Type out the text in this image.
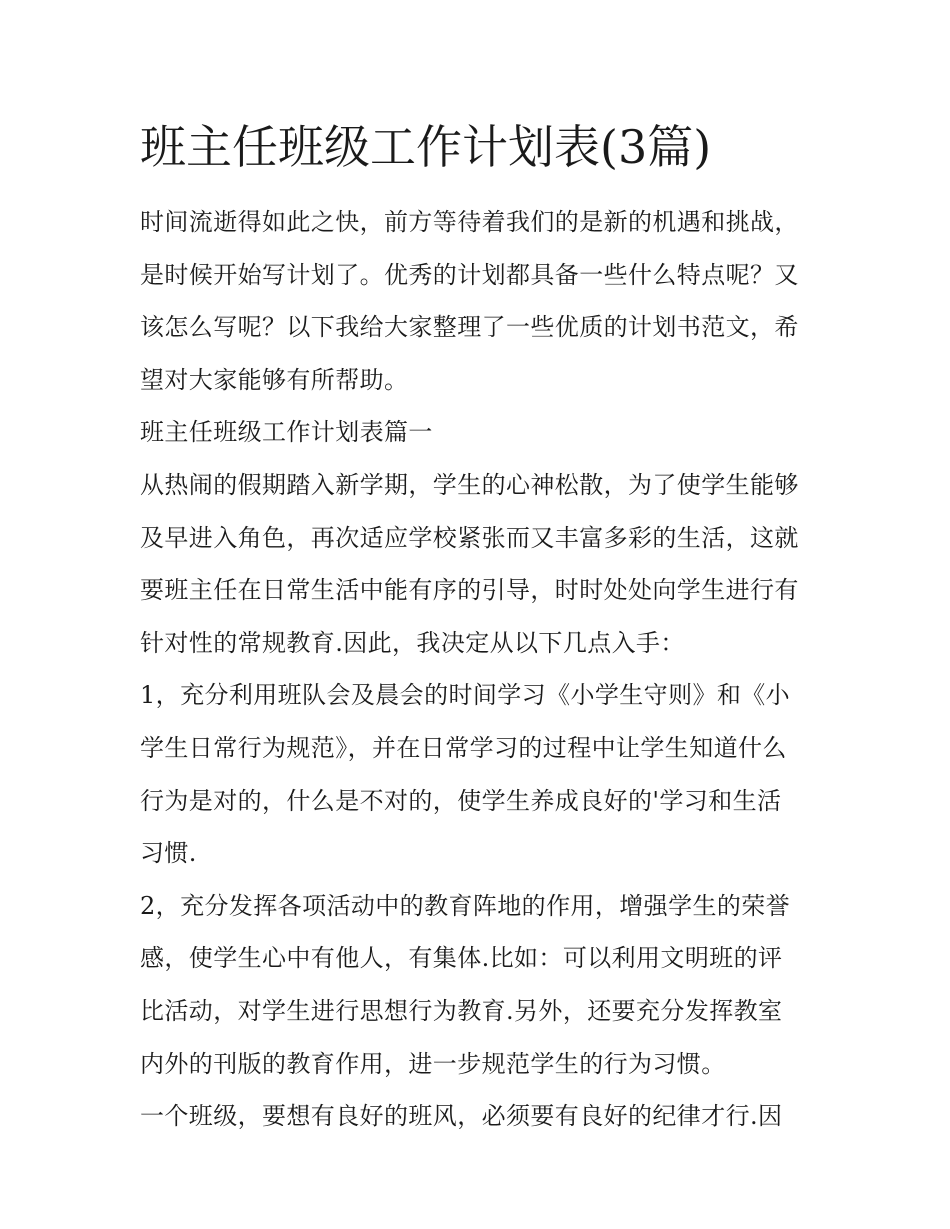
班主任班级工作计划表(3篇)
时间流逝得如此之快，前方等待着我们的是新的机遇和挑战，
是时候开始写计划了。优秀的计划都具备一些什么特点呢？又
该怎么写呢？以下我给大家整理了一些优质的计划书范文，希
望对大家能够有所帮助。
班主任班级工作计划表篇一
从热闹的假期踏入新学期，学生的心神松散，为了使学生能够
及早进入角色，再次适应学校紧张而又丰富多彩的生活，这就
要班主任在日常生活中能有序的引导，时时处处向学生进行有
针对性的常规教育.因此，我决定从以下几点入手：
1，充分利用班队会及晨会的时间学习《小学生守则》和《小
学生日常行为规范》，并在日常学习的过程中让学生知道什么
行为是对的，什么是不对的，使学生养成良好的'学习和生活
习惯.
2，充分发挥各项活动中的教育阵地的作用，增强学生的荣誉
感，使学生心中有他人，有集体.比如：可以利用文明班的评
比活动，对学生进行思想行为教育.另外，还要充分发挥教室
内外的刊版的教育作用，进一步规范学生的行为习惯。
一个班级，要想有良好的班风，必须要有良好的纪律才行.因
